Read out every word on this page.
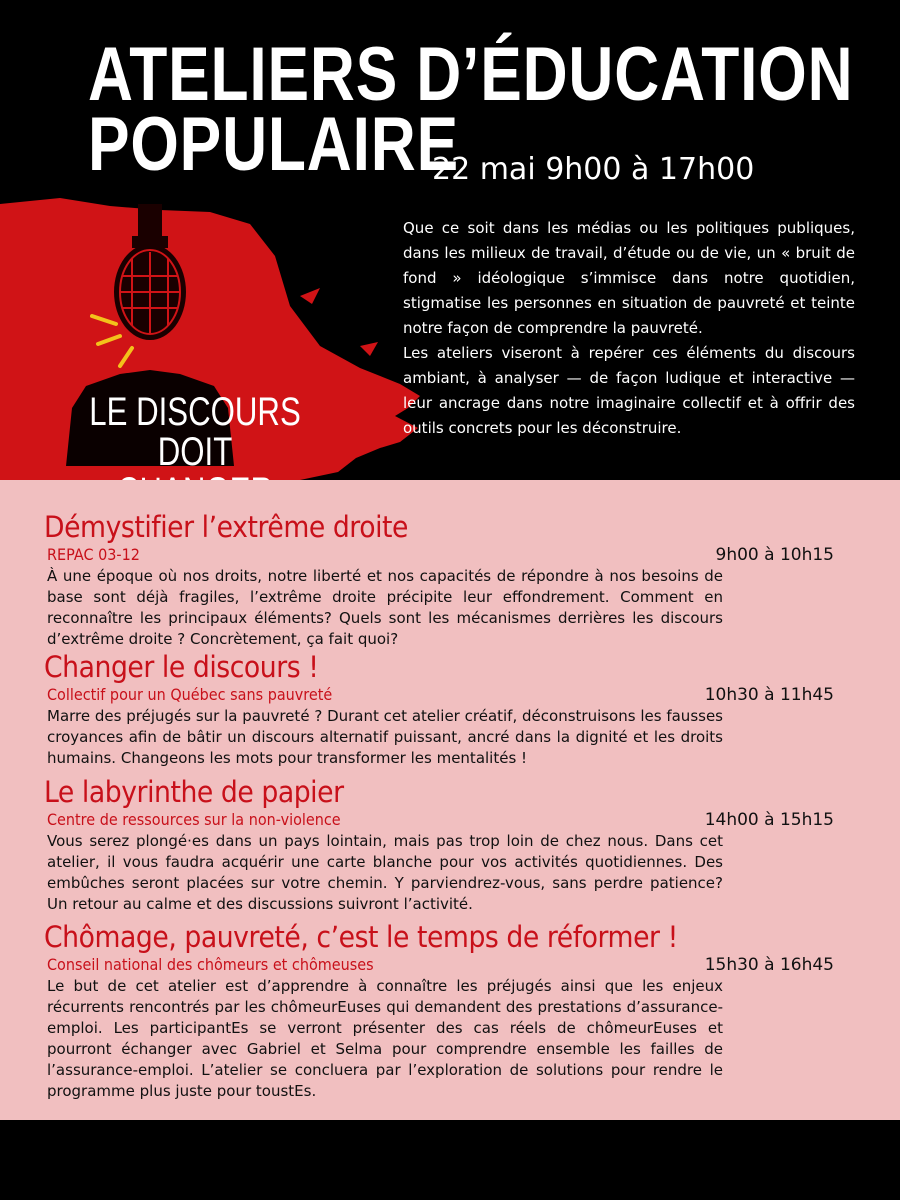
ATELIERS D’ÉDUCATION
POPULAIRE
22 mai 9h00 à 17h00
LE DISCOURS DOIT

Que ce soit dans les médias ou les politiques publiques, dans les milieux de travail, d’étude ou de vie, un « bruit de fond » idéologique s’immisce dans notre quotidien, stigmatise les personnes en situation de pauvreté et teinte notre façon de comprendre la pauvreté.

Les ateliers viseront à repérer ces éléments du discours ambiant, à analyser — de façon ludique et interactive — leur ancrage dans notre imaginaire collectif et à offrir des outils concrets pour les déconstruire.

Démystifier l’extrême droite
REPAC 03-12	9h00 à 10h15
À une époque où nos droits, notre liberté et nos capacités de répondre à nos besoins de base sont déjà fragiles, l’extrême droite précipite leur effondrement. Comment en reconnaître les principaux éléments? Quels sont les mécanismes derrières les discours d’extrême droite ? Concrètement, ça fait quoi?
Changer le discours !
Collectif pour un Québec sans pauvreté	10h30 à 11h45
Marre des préjugés sur la pauvreté ? Durant cet atelier créatif, déconstruisons les fausses croyances afin de bâtir un discours alternatif puissant, ancré dans la dignité et les droits humains. Changeons les mots pour transformer les mentalités !
Le labyrinthe de papier
Centre de ressources sur la non-violence	14h00 à 15h15
Vous serez plongé·es dans un pays lointain, mais pas trop loin de chez nous. Dans cet atelier, il vous faudra acquérir une carte blanche pour vos activités quotidiennes. Des embûches seront placées sur votre chemin. Y parviendrez-vous, sans perdre patience? Un retour au calme et des discussions suivront l’activité.
Chômage, pauvreté, c’est le temps de réformer !
Conseil national des chômeurs et chômeuses	15h30 à 16h45
Le but de cet atelier est d’apprendre à connaître les préjugés ainsi que les enjeux récurrents rencontrés par les chômeurEuses qui demandent des prestations d’assurance-emploi. Les participantEs se verront présenter des cas réels de chômeurEuses et pourront échanger avec Gabriel et Selma pour comprendre ensemble les failles de l’assurance-emploi. L’atelier se concluera par l’exploration de solutions pour rendre le programme plus juste pour toustEs.
